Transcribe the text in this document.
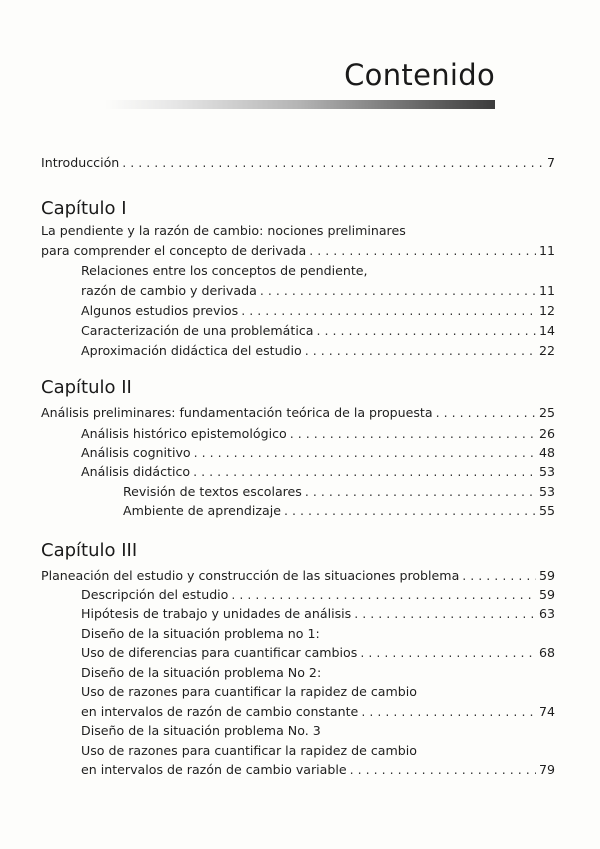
Contenido
Introducción . . .	7
Capítulo I
La pendiente y la razón de cambio: nociones preliminares
para comprender el concepto de derivada . . .	11
Relaciones entre los conceptos de pendiente,
razón de cambio y derivada . . .	11
Algunos estudios previos . . .	12
Caracterización de una problemática . . .	14
Aproximación didáctica del estudio . . .	22
Capítulo II
Análisis preliminares: fundamentación teórica de la propuesta . . .	25
Análisis histórico epistemológico . . .	26
Análisis cognitivo . . .	48
Análisis didáctico . . .	53
Revisión de textos escolares . . .	53
Ambiente de aprendizaje . . .	55
Capítulo III
Planeación del estudio y construcción de las situaciones problema . . .	59
Descripción del estudio . . .	59
Hipótesis de trabajo y unidades de análisis . . .	63
Diseño de la situación problema no 1:
Uso de diferencias para cuantificar cambios . . .	68
Diseño de la situación problema No 2:
Uso de razones para cuantificar la rapidez de cambio
en intervalos de razón de cambio constante . . .	74
Diseño de la situación problema No. 3
Uso de razones para cuantificar la rapidez de cambio
en intervalos de razón de cambio variable . . .	79
